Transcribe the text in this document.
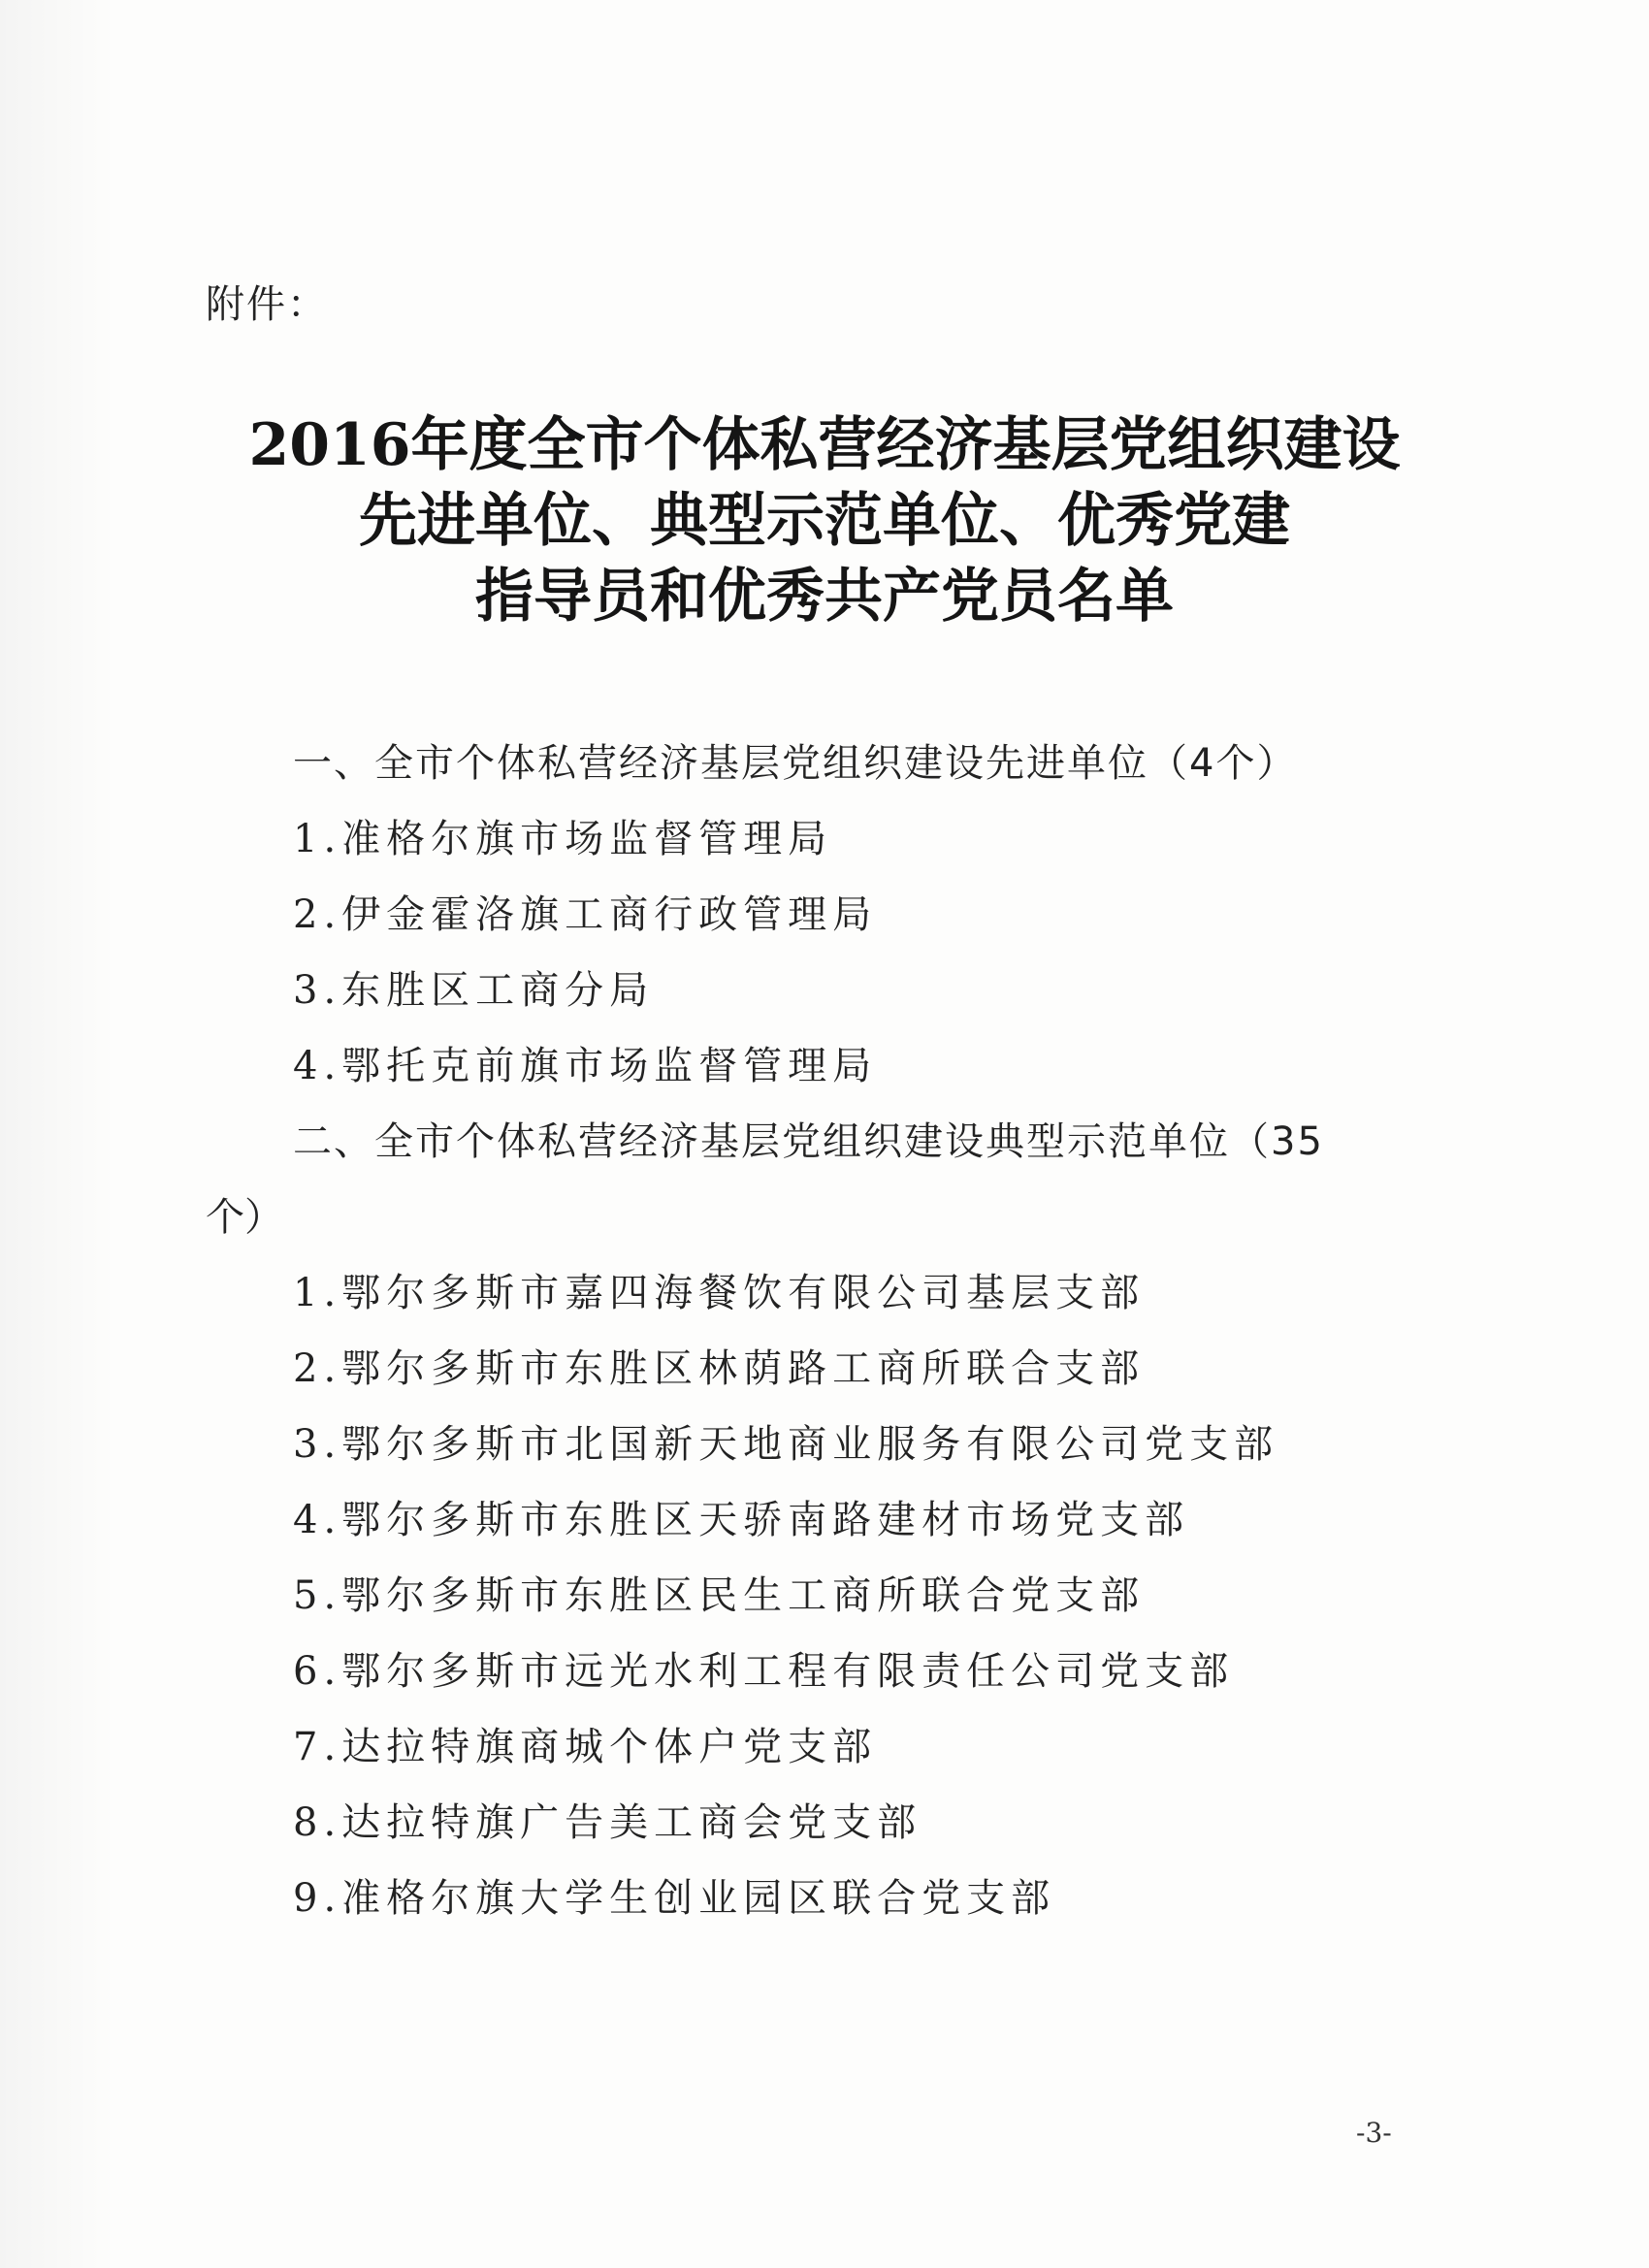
附件：
2016年度全市个体私营经济基层党组织建设
先进单位、典型示范单位、优秀党建
指导员和优秀共产党员名单
一、全市个体私营经济基层党组织建设先进单位（4个）
1.准格尔旗市场监督管理局
2.伊金霍洛旗工商行政管理局
3.东胜区工商分局
4.鄂托克前旗市场监督管理局
二、全市个体私营经济基层党组织建设典型示范单位（35
个）
1.鄂尔多斯市嘉四海餐饮有限公司基层支部
2.鄂尔多斯市东胜区林荫路工商所联合支部
3.鄂尔多斯市北国新天地商业服务有限公司党支部
4.鄂尔多斯市东胜区天骄南路建材市场党支部
5.鄂尔多斯市东胜区民生工商所联合党支部
6.鄂尔多斯市远光水利工程有限责任公司党支部
7.达拉特旗商城个体户党支部
8.达拉特旗广告美工商会党支部
9.准格尔旗大学生创业园区联合党支部
-3-
